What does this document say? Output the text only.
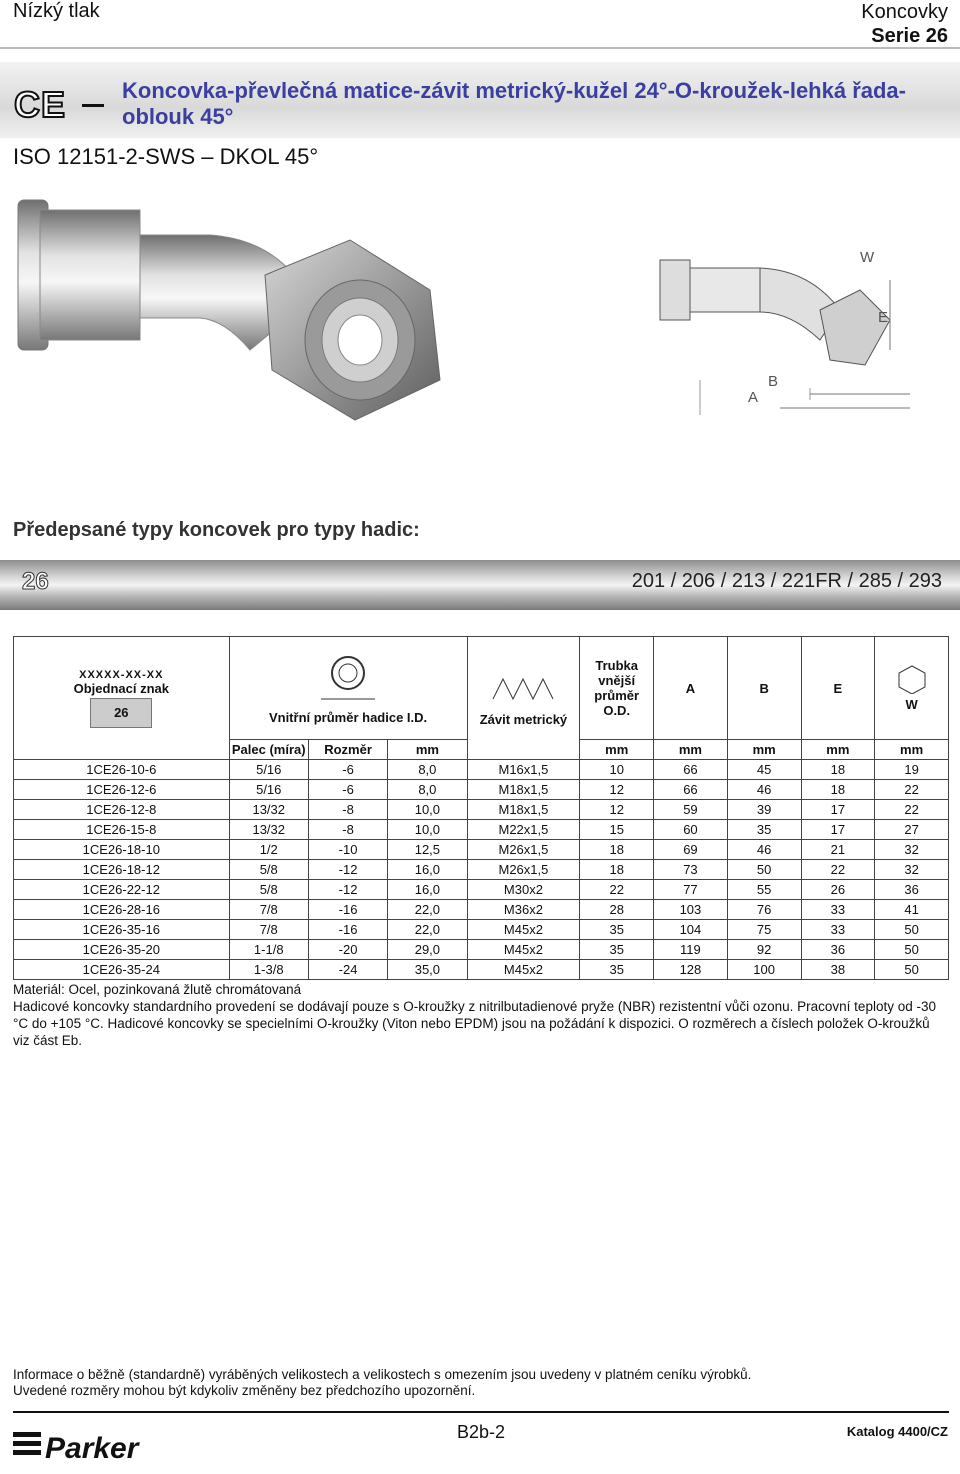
Nízký tlak	Koncovky
Serie 26
CE	Koncovka-převlečná matice-závit metrický-kužel 24°-O-kroužek-lehká řada-oblouk 45°
ISO 12151-2-SWS – DKOL 45°
W
E
B
A
Předepsané typy koncovek pro typy hadic:
26	201 / 206 / 213 / 221FR / 285 / 293
XXXXX-XX-XX
Objednací znak
26	Vnitřní průměr hadice I.D.			Závit metrický	Trubka vnější průměr O.D.	A	B	E	W

	Palec (míra)	Rozměr	mm		mm	mm	mm	mm	mm
1CE26-10-6	5/16	-6	8,0	M16x1,5	10	66	45	18	19
1CE26-12-6	5/16	-6	8,0	M18x1,5	12	66	46	18	22
1CE26-12-8	13/32	-8	10,0	M18x1,5	12	59	39	17	22
1CE26-15-8	13/32	-8	10,0	M22x1,5	15	60	35	17	27
1CE26-18-10	1/2	-10	12,5	M26x1,5	18	69	46	21	32
1CE26-18-12	5/8	-12	16,0	M26x1,5	18	73	50	22	32
1CE26-22-12	5/8	-12	16,0	M30x2	22	77	55	26	36
1CE26-28-16	7/8	-16	22,0	M36x2	28	103	76	33	41
1CE26-35-16	7/8	-16	22,0	M45x2	35	104	75	33	50
1CE26-35-20	1-1/8	-20	29,0	M45x2	35	119	92	36	50
1CE26-35-24	1-3/8	-24	35,0	M45x2	35	128	100	38	50
Materiál: Ocel, pozinkovaná žlutě chromátovaná
Hadicové koncovky standardního provedení se dodávají pouze s O-kroužky z nitrilbutadienové pryže (NBR) rezistentní vůči ozonu. Pracovní teploty od -30 °C do +105 °C. Hadicové koncovky se specielními O-kroužky (Viton nebo EPDM) jsou na požádání k dispozici. O rozměrech a číslech položek O-kroužků viz část Eb.
Informace o běžně (standardně) vyráběných velikostech a velikostech s omezením jsou uvedeny v platném ceníku výrobků.
Uvedené rozměry mohou být kdykoliv změněny bez předchozího upozornění.
Parker	B2b-2	Katalog 4400/CZ
